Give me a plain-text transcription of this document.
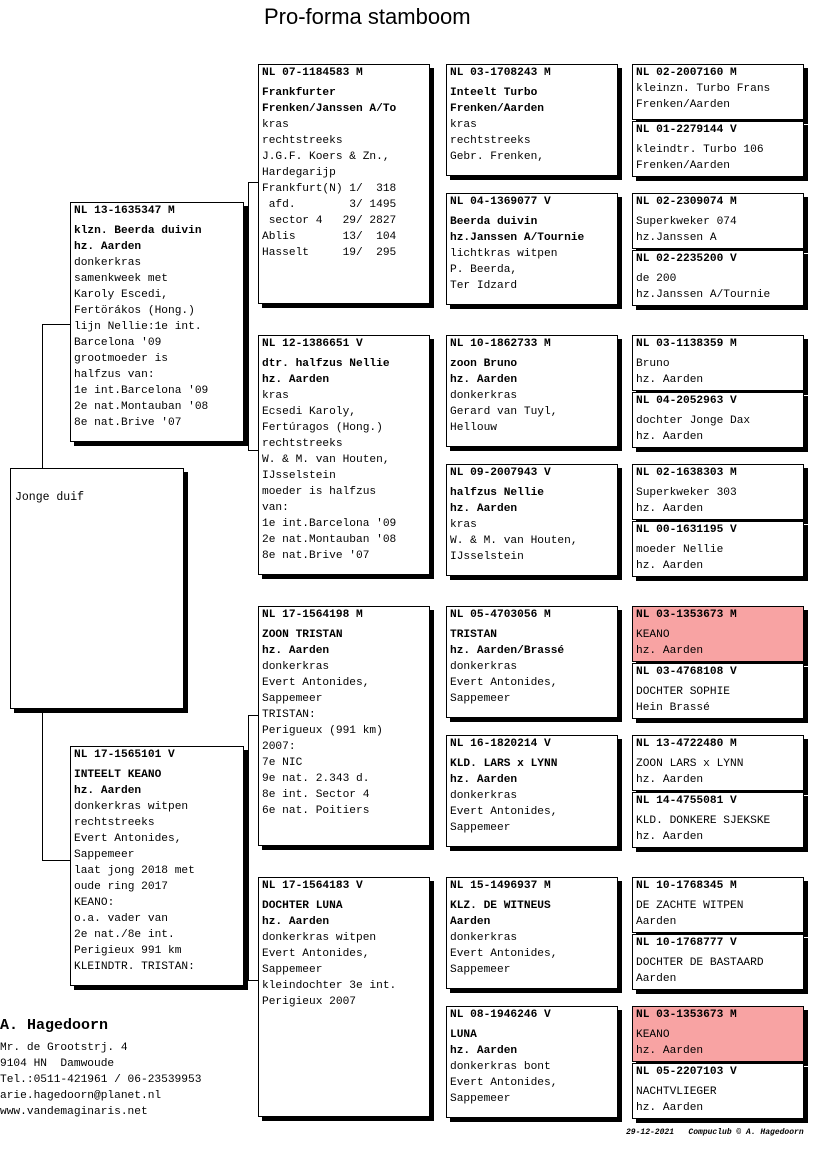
Pro-forma stamboom
Jonge duif
NL 13-1635347 M
klzn. Beerda duivin
hz. Aarden
donkerkras
samenkweek met
Karoly Escedi,
Fertörákos (Hong.)
lijn Nellie:1e int.
Barcelona '09
grootmoeder is
halfzus van:
1e int.Barcelona '09
2e nat.Montauban '08
8e nat.Brive '07
NL 17-1565101 V
INTEELT KEANO
hz. Aarden
donkerkras witpen
rechtstreeks
Evert Antonides,
Sappemeer
laat jong 2018 met
oude ring 2017
KEANO:
o.a. vader van
2e nat./8e int.
Perigieux 991 km
KLEINDTR. TRISTAN:
NL 07-1184583 M
Frankfurter
Frenken/Janssen A/To
kras
rechtstreeks
J.G.F. Koers & Zn.,
Hardegarijp
Frankfurt(N) 1/  318
afd.        3/ 1495
sector 4   29/ 2827
Ablis       13/  104
Hasselt     19/  295
NL 12-1386651 V
dtr. halfzus Nellie
hz. Aarden
kras
Ecsedi Karoly,
Fertúragos (Hong.)
rechtstreeks
W. & M. van Houten,
IJsselstein
moeder is halfzus
van:
1e int.Barcelona '09
2e nat.Montauban '08
8e nat.Brive '07
NL 17-1564198 M
ZOON TRISTAN
hz. Aarden
donkerkras
Evert Antonides,
Sappemeer
TRISTAN:
Perigueux (991 km)
2007:
7e NIC
9e nat. 2.343 d.
8e int. Sector 4
6e nat. Poitiers
NL 17-1564183 V
DOCHTER LUNA
hz. Aarden
donkerkras witpen
Evert Antonides,
Sappemeer
kleindochter 3e int.
Perigieux 2007
NL 03-1708243 M
Inteelt Turbo
Frenken/Aarden
kras
rechtstreeks
Gebr. Frenken,
NL 04-1369077 V
Beerda duivin
hz.Janssen A/Tournie
lichtkras witpen
P. Beerda,
Ter Idzard
NL 10-1862733 M
zoon Bruno
hz. Aarden
donkerkras
Gerard van Tuyl,
Hellouw
NL 09-2007943 V
halfzus Nellie
hz. Aarden
kras
W. & M. van Houten,
IJsselstein
NL 05-4703056 M
TRISTAN
hz. Aarden/Brassé
donkerkras
Evert Antonides,
Sappemeer
NL 16-1820214 V
KLD. LARS x LYNN
hz. Aarden
donkerkras
Evert Antonides,
Sappemeer
NL 15-1496937 M
KLZ. DE WITNEUS
Aarden
donkerkras
Evert Antonides,
Sappemeer
NL 08-1946246 V
LUNA
hz. Aarden
donkerkras bont
Evert Antonides,
Sappemeer
NL 02-2007160 M
kleinzn. Turbo Frans
Frenken/Aarden
NL 01-2279144 V
kleindtr. Turbo 106
Frenken/Aarden
NL 02-2309074 M
Superkweker 074
hz.Janssen A
NL 02-2235200 V
de 200
hz.Janssen A/Tournie
NL 03-1138359 M
Bruno
hz. Aarden
NL 04-2052963 V
dochter Jonge Dax
hz. Aarden
NL 02-1638303 M
Superkweker 303
hz. Aarden
NL 00-1631195 V
moeder Nellie
hz. Aarden
NL 03-1353673 M
KEANO
hz. Aarden
NL 03-4768108 V
DOCHTER SOPHIE
Hein Brassé
NL 13-4722480 M
ZOON LARS x LYNN
hz. Aarden
NL 14-4755081 V
KLD. DONKERE SJEKSKE
hz. Aarden
NL 10-1768345 M
DE ZACHTE WITPEN
Aarden
NL 10-1768777 V
DOCHTER DE BASTAARD
Aarden
NL 03-1353673 M
KEANO
hz. Aarden
NL 05-2207103 V
NACHTVLIEGER
hz. Aarden
A. Hagedoorn
Mr. de Grootstrj. 4
9104 HN  Damwoude
Tel.:0511-421961 / 06-23539953
arie.hagedoorn@planet.nl
www.vandemaginaris.net
29-12-2021   Compuclub © A. Hagedoorn
